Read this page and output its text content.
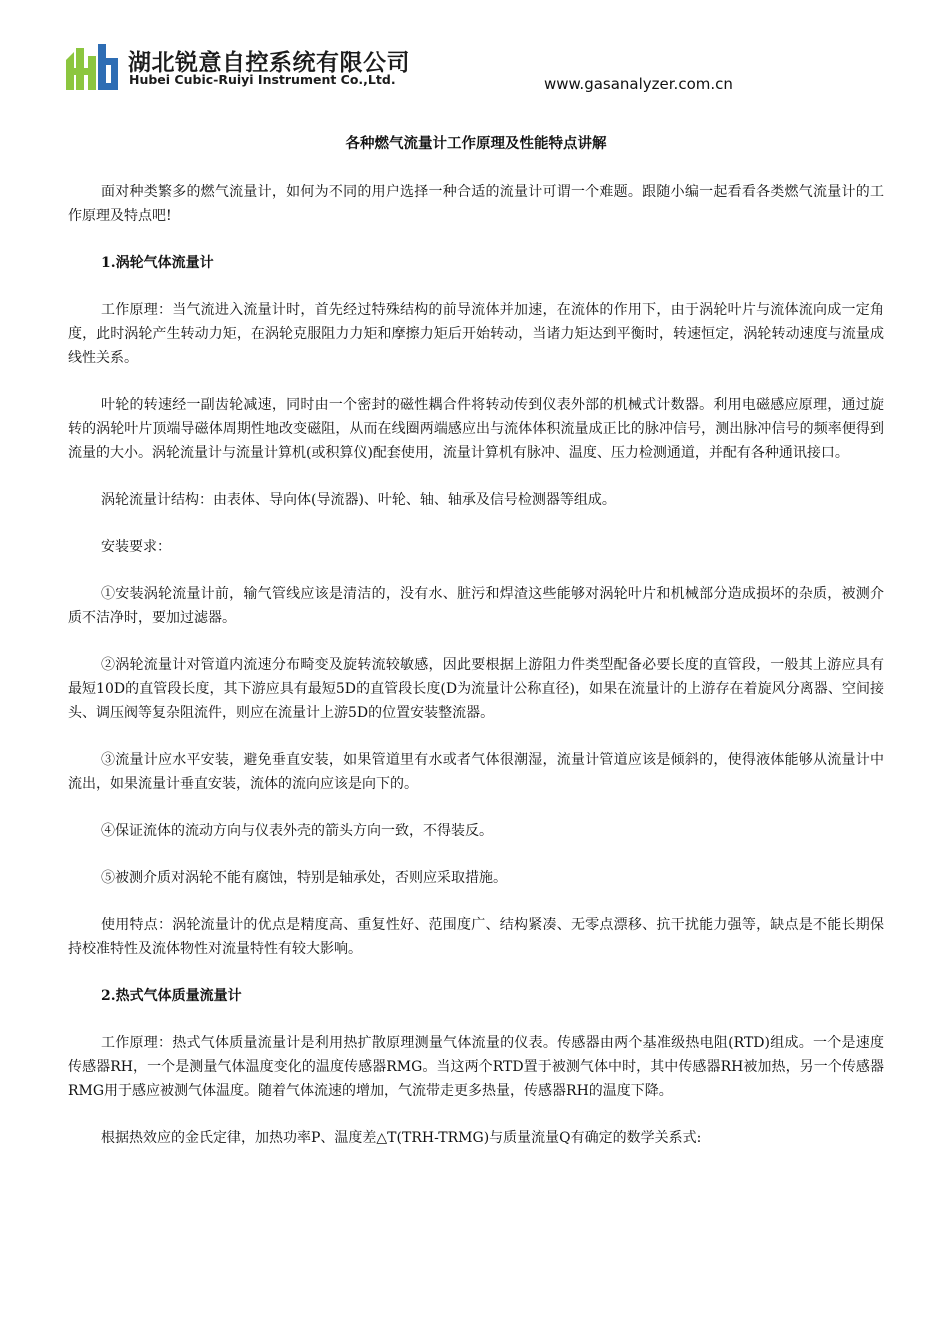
湖北锐意自控系统有限公司
Hubei Cubic-Ruiyi Instrument Co.,Ltd.	www.gasanalyzer.com.cn
各种燃气流量计工作原理及性能特点讲解
面对种类繁多的燃气流量计，如何为不同的用户选择一种合适的流量计可谓一个难题。跟随小编一起看看各类燃气流量计的工作原理及特点吧!
1.涡轮气体流量计
工作原理：当气流进入流量计时，首先经过特殊结构的前导流体并加速，在流体的作用下，由于涡轮叶片与流体流向成一定角度，此时涡轮产生转动力矩，在涡轮克服阻力力矩和摩擦力矩后开始转动，当诸力矩达到平衡时，转速恒定，涡轮转动速度与流量成线性关系。
叶轮的转速经一副齿轮减速，同时由一个密封的磁性耦合件将转动传到仪表外部的机械式计数器。利用电磁感应原理，通过旋转的涡轮叶片顶端导磁体周期性地改变磁阻，从而在线圈两端感应出与流体体积流量成正比的脉冲信号，测出脉冲信号的频率便得到流量的大小。涡轮流量计与流量计算机(或积算仪)配套使用，流量计算机有脉冲、温度、压力检测通道，并配有各种通讯接口。
涡轮流量计结构：由表体、导向体(导流器)、叶轮、轴、轴承及信号检测器等组成。
安装要求：
①安装涡轮流量计前，输气管线应该是清洁的，没有水、脏污和焊渣这些能够对涡轮叶片和机械部分造成损坏的杂质，被测介质不洁净时，要加过滤器。
②涡轮流量计对管道内流速分布畸变及旋转流较敏感，因此要根据上游阻力件类型配备必要长度的直管段，一般其上游应具有最短10D的直管段长度，其下游应具有最短5D的直管段长度(D为流量计公称直径)，如果在流量计的上游存在着旋风分离器、空间接头、调压阀等复杂阻流件，则应在流量计上游5D的位置安装整流器。
③流量计应水平安装，避免垂直安装，如果管道里有水或者气体很潮湿，流量计管道应该是倾斜的，使得液体能够从流量计中流出，如果流量计垂直安装，流体的流向应该是向下的。
④保证流体的流动方向与仪表外壳的箭头方向一致，不得装反。
⑤被测介质对涡轮不能有腐蚀，特别是轴承处，否则应采取措施。
使用特点：涡轮流量计的优点是精度高、重复性好、范围度广、结构紧凑、无零点漂移、抗干扰能力强等，缺点是不能长期保持校准特性及流体物性对流量特性有较大影响。
2.热式气体质量流量计
工作原理：热式气体质量流量计是利用热扩散原理测量气体流量的仪表。传感器由两个基准级热电阻(RTD)组成。一个是速度传感器RH，一个是测量气体温度变化的温度传感器RMG。当这两个RTD置于被测气体中时，其中传感器RH被加热，另一个传感器RMG用于感应被测气体温度。随着气体流速的增加，气流带走更多热量，传感器RH的温度下降。
根据热效应的金氏定律，加热功率P、温度差△T(TRH-TRMG)与质量流量Q有确定的数学关系式:
